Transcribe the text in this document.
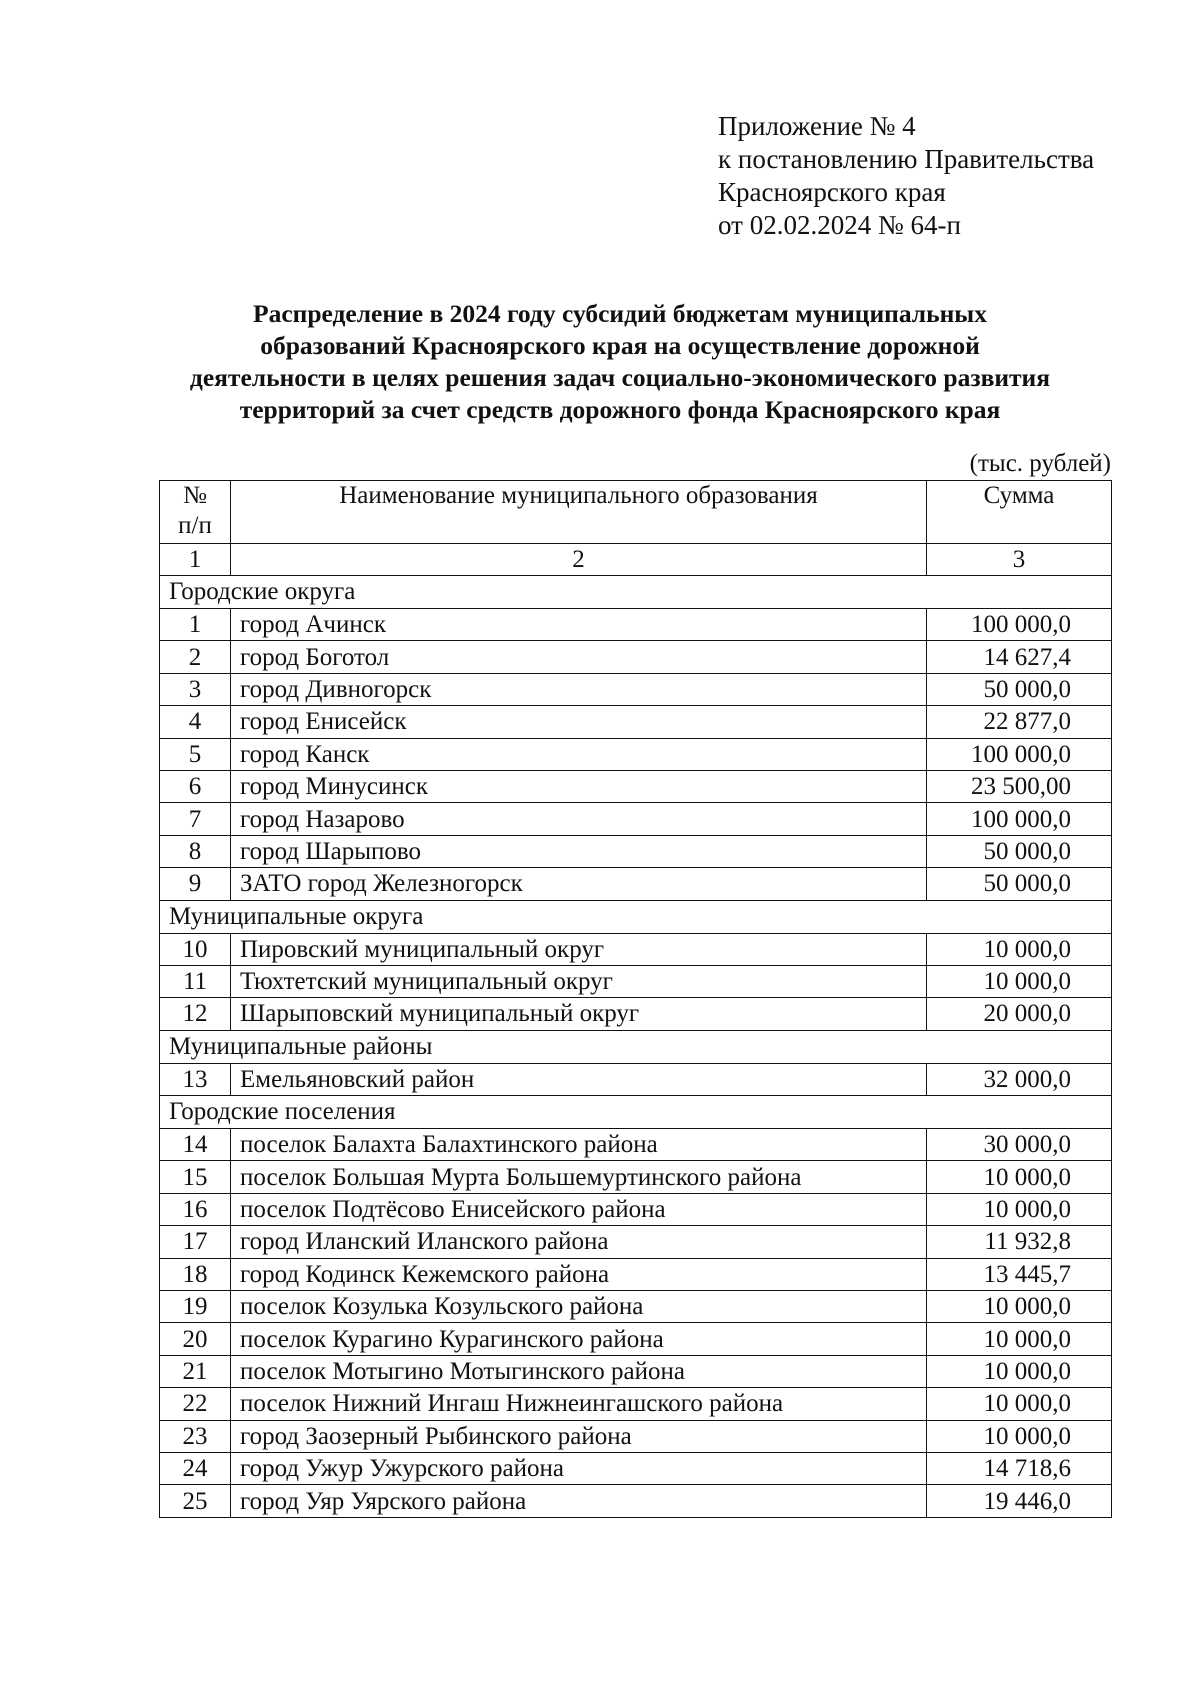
Приложение № 4
к постановлению Правительства
Красноярского края
от 02.02.2024 № 64-п
Распределение в 2024 году субсидий бюджетам муниципальных
образований Красноярского края на осуществление дорожной
деятельности в целях решения задач социально-экономического развития
территорий за счет средств дорожного фонда Красноярского края
(тыс. рублей)
№
п/п	Наименование муниципального образования	Сумма
1	2	3
Городские округа		
1	город Ачинск	100 000,0
2	город Боготол	14 627,4
3	город Дивногорск	50 000,0
4	город Енисейск	22 877,0
5	город Канск	100 000,0
6	город Минусинск	23 500,00
7	город Назарово	100 000,0
8	город Шарыпово	50 000,0
9	ЗАТО город Железногорск	50 000,0
Муниципальные округа		
10	Пировский муниципальный округ	10 000,0
11	Тюхтетский муниципальный округ	10 000,0
12	Шарыповский муниципальный округ	20 000,0
Муниципальные районы		
13	Емельяновский район	32 000,0
Городские поселения		
14	поселок Балахта Балахтинского района	30 000,0
15	поселок Большая Мурта Большемуртинского района	10 000,0
16	поселок Подтёсово Енисейского района	10 000,0
17	город Иланский Иланского района	11 932,8
18	город Кодинск Кежемского района	13 445,7
19	поселок Козулька Козульского района	10 000,0
20	поселок Курагино Курагинского района	10 000,0
21	поселок Мотыгино Мотыгинского района	10 000,0
22	поселок Нижний Ингаш Нижнеингашского района	10 000,0
23	город Заозерный Рыбинского района	10 000,0
24	город Ужур Ужурского района	14 718,6
25	город Уяр Уярского района	19 446,0
